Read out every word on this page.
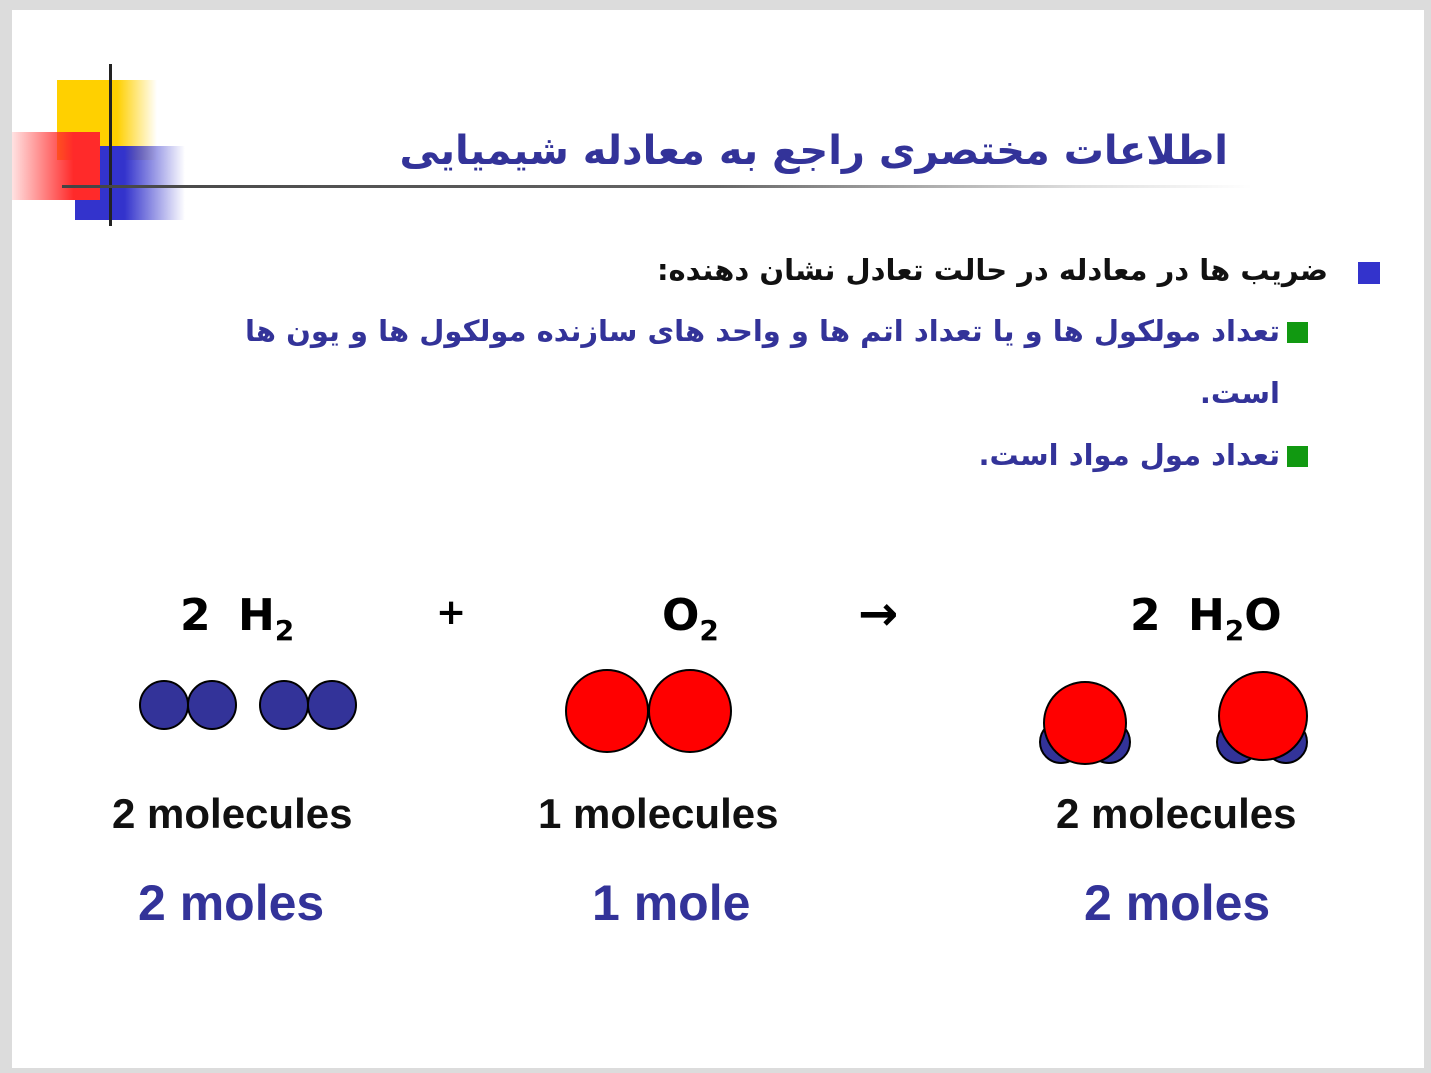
اطلاعات مختصری راجع به معادله شیمیایی
ضریب ها در معادله در حالت تعادل نشان دهنده:
تعداد مولکول ها و یا تعداد اتم ها و واحد های سازنده مولکول ها و یون ها است.
تعداد مول مواد است.
2 $H_2$	+	$O_2$	→	2 $H_2O$
2 molecules	1 molecules	2 molecules
2 moles	1 mole	2 moles
